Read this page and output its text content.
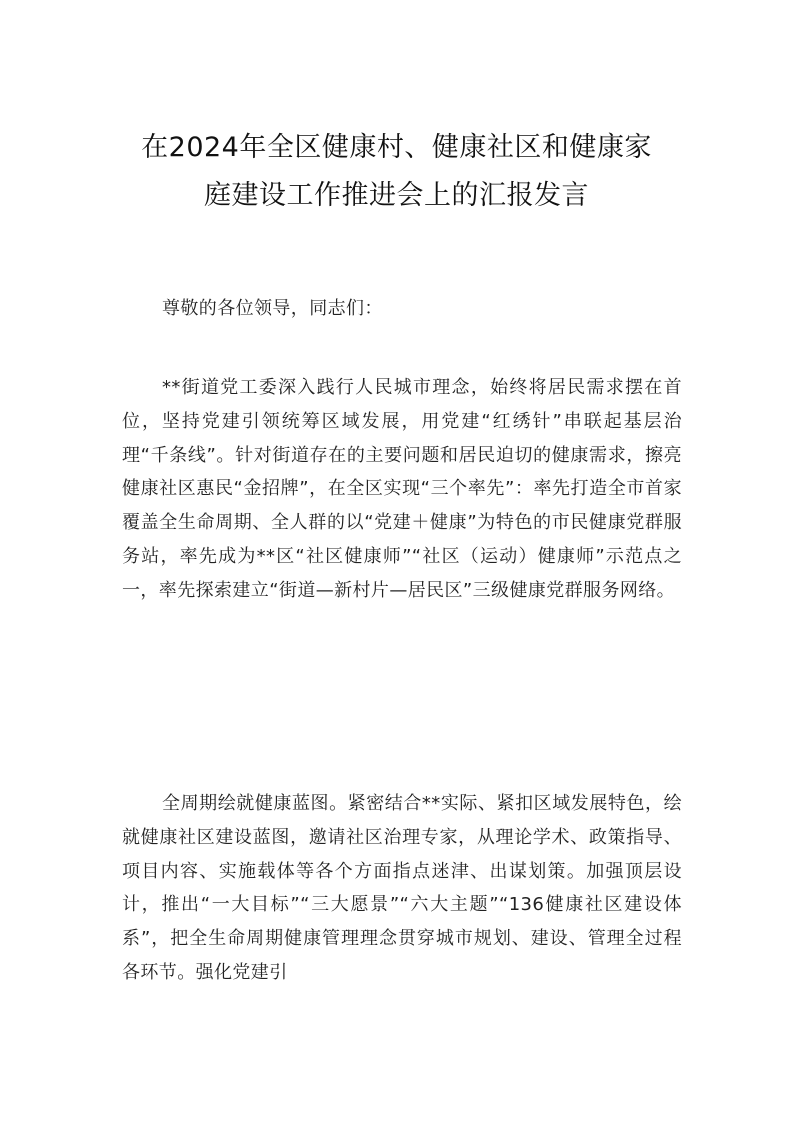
在2024年全区健康村、健康社区和健康家
庭建设工作推进会上的汇报发言

尊敬的各位领导，同志们：

**街道党工委深入践行人民城市理念，始终将居民需求摆在首位，坚持党建引领统筹区域发展，用党建“红绣针”串联起基层治理“千条线”。针对街道存在的主要问题和居民迫切的健康需求，擦亮健康社区惠民“金招牌”，在全区实现“三个率先”：率先打造全市首家覆盖全生命周期、全人群的以“党建＋健康”为特色的市民健康党群服务站，率先成为**区“社区健康师”“社区（运动）健康师”示范点之一，率先探索建立“街道—新村片—居民区”三级健康党群服务网络。

全周期绘就健康蓝图。紧密结合**实际、紧扣区域发展特色，绘就健康社区建设蓝图，邀请社区治理专家，从理论学术、政策指导、项目内容、实施载体等各个方面指点迷津、出谋划策。加强顶层设计，推出“一大目标”“三大愿景”“六大主题”“136健康社区建设体系”，把全生命周期健康管理理念贯穿城市规划、建设、管理全过程各环节。强化党建引
